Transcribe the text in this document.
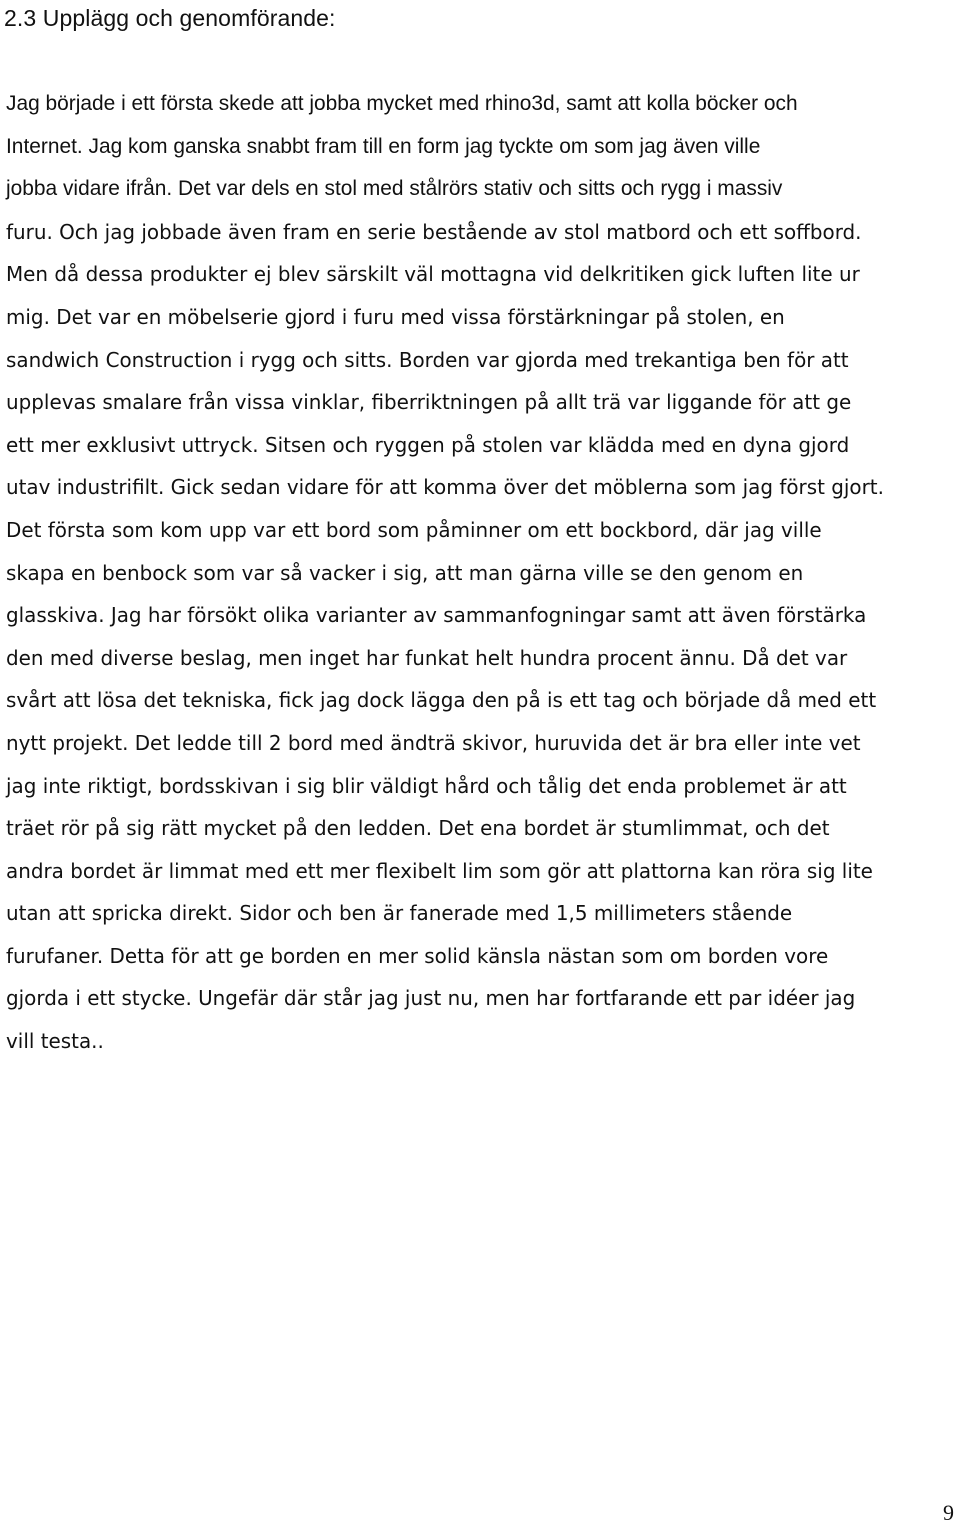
2.3 Upplägg och genomförande:
Jag började i ett första skede att jobba mycket med rhino3d, samt att kolla böcker och
Internet. Jag kom ganska snabbt fram till en form jag tyckte om som jag även ville
jobba vidare ifrån. Det var dels en stol med stålrörs stativ och sitts och rygg i massiv
furu. Och jag jobbade även fram en serie bestående av stol matbord och ett soffbord.
Men då dessa produkter ej blev särskilt väl mottagna vid delkritiken gick luften lite ur
mig. Det var en möbelserie gjord i furu med vissa förstärkningar på stolen, en
sandwich Construction i rygg och sitts. Borden var gjorda med trekantiga ben för att
upplevas smalare från vissa vinklar, fiberriktningen på allt trä var liggande för att ge
ett mer exklusivt uttryck. Sitsen och ryggen på stolen var klädda med en dyna gjord
utav industrifilt. Gick sedan vidare för att komma över det möblerna som jag först gjort.
Det första som kom upp var ett bord som påminner om ett bockbord, där jag ville
skapa en benbock som var så vacker i sig, att man gärna ville se den genom en
glasskiva. Jag har försökt olika varianter av sammanfogningar samt att även förstärka
den med diverse beslag, men inget har funkat helt hundra procent ännu. Då det var
svårt att lösa det tekniska, fick jag dock lägga den på is ett tag och började då med ett
nytt projekt. Det ledde till 2 bord med ändträ skivor, huruvida det är bra eller inte vet
jag inte riktigt, bordsskivan i sig blir väldigt hård och tålig det enda problemet är att
träet rör på sig rätt mycket på den ledden. Det ena bordet är stumlimmat, och det
andra bordet är limmat med ett mer flexibelt lim som gör att plattorna kan röra sig lite
utan att spricka direkt. Sidor och ben är fanerade med 1,5 millimeters stående
furufaner. Detta för att ge borden en mer solid känsla nästan som om borden vore
gjorda i ett stycke. Ungefär där står jag just nu, men har fortfarande ett par idéer jag
vill testa..
9
